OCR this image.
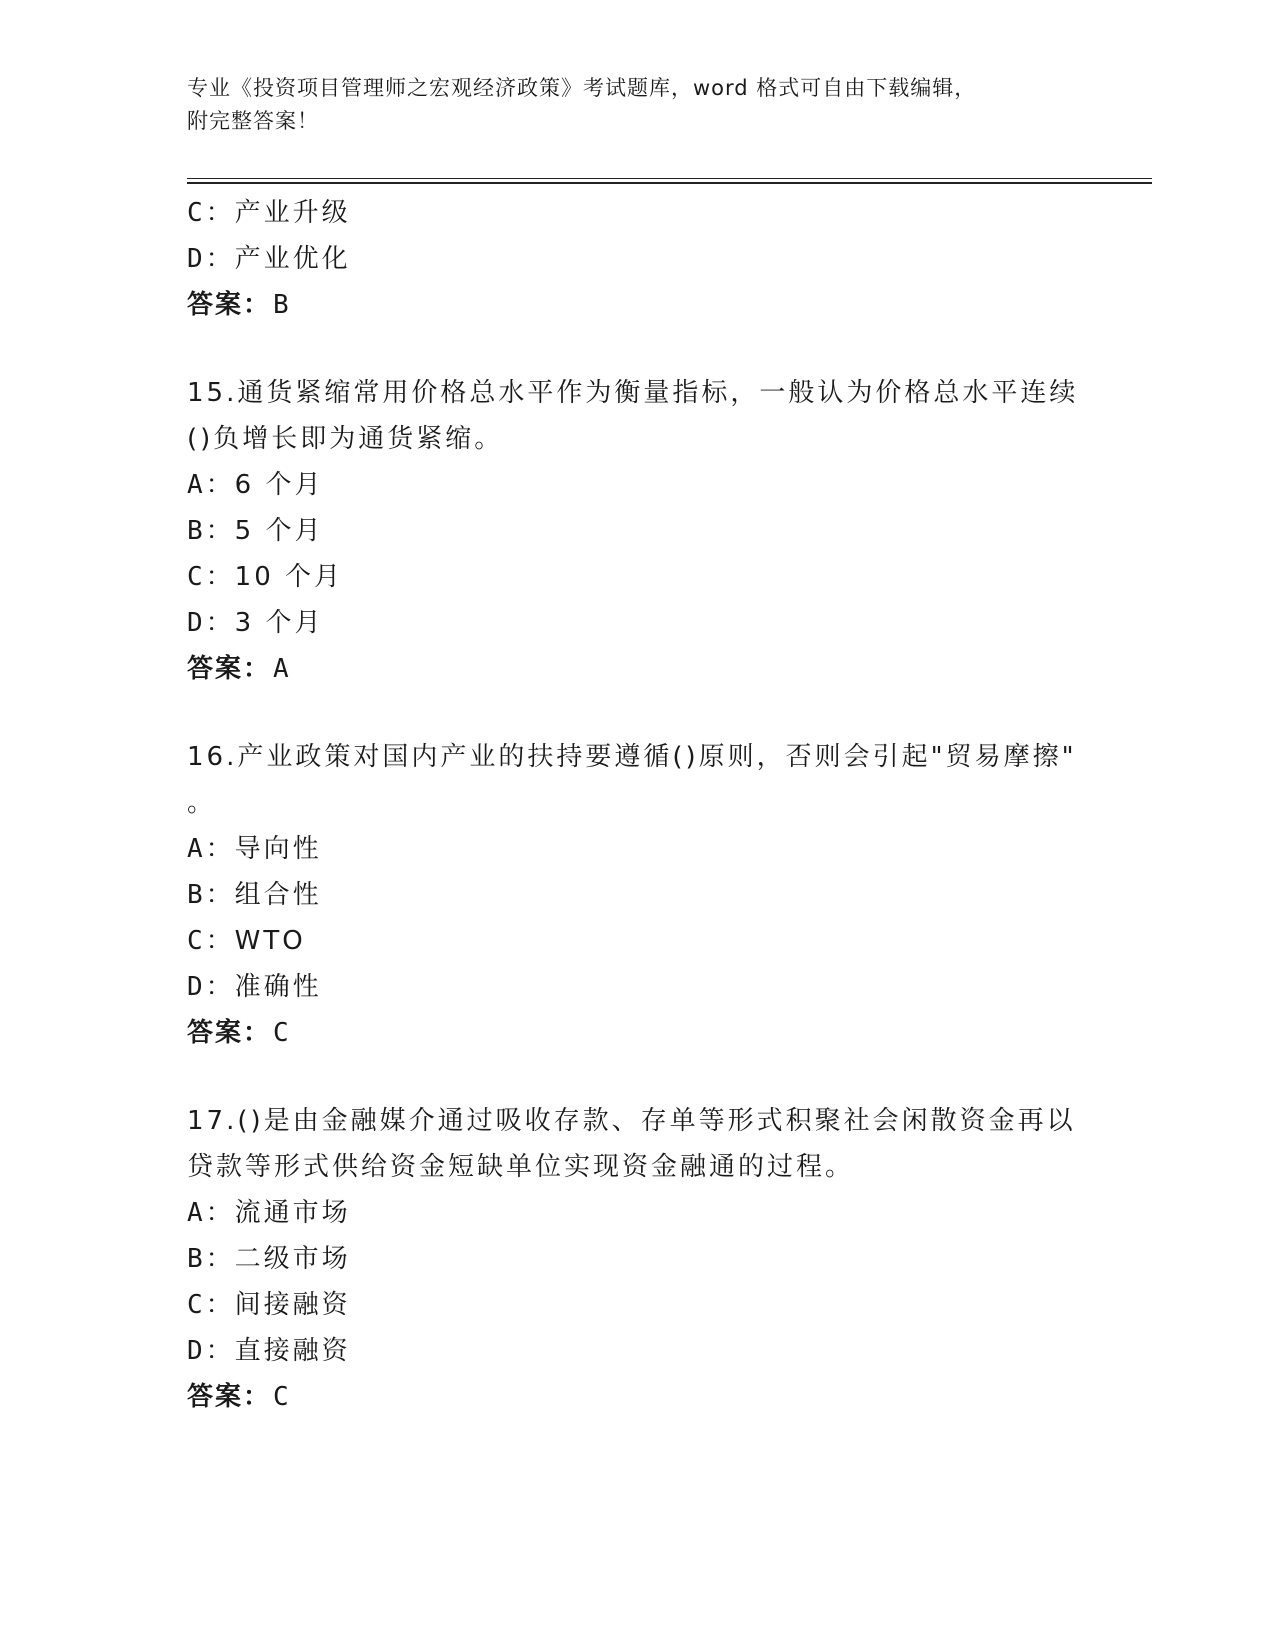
专业《投资项目管理师之宏观经济政策》考试题库，word 格式可自由下载编辑，
附完整答案！
C：产业升级
D：产业优化
答案：B
15.通货紧缩常用价格总水平作为衡量指标，一般认为价格总水平连续
()负增长即为通货紧缩。
A：6 个月
B：5 个月
C：10 个月
D：3 个月
答案：A
16.产业政策对国内产业的扶持要遵循()原则，否则会引起"贸易摩擦"
。
A：导向性
B：组合性
C：WTO
D：准确性
答案：C
17.()是由金融媒介通过吸收存款、存单等形式积聚社会闲散资金再以
贷款等形式供给资金短缺单位实现资金融通的过程。
A：流通市场
B：二级市场
C：间接融资
D：直接融资
答案：C
